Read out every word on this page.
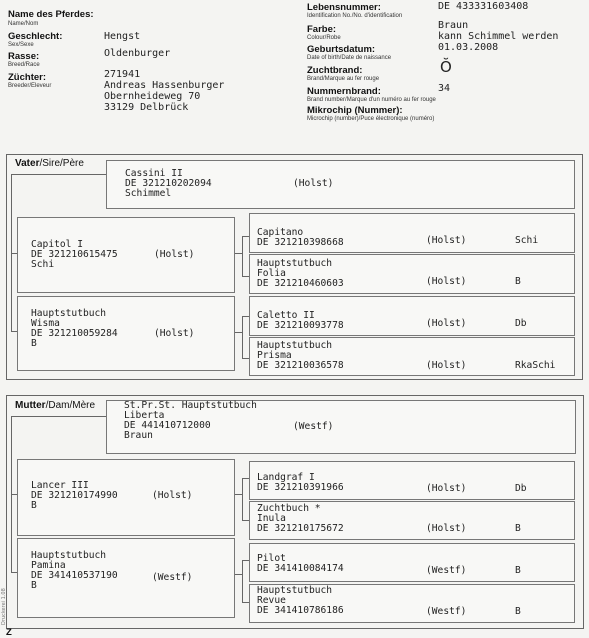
Name des Pferdes:
Name/Nom
Geschlecht:
Sex/Sexe
Hengst
Rasse:
Breed/Race
Oldenburger
Züchter:
Breeder/Eleveur
271941
Andreas Hassenburger
Obernheideweg 70
33129 Delbrück
Lebensnummer:
Identification No./No. d'identification
DE 433331603408
Farbe:
Colour/Robe
Braun
kann Schimmel werden
Geburtsdatum:
Date of birth/Date de naissance
01.03.2008
Zuchtbrand:
Brand/Marque au fer rouge
Ŏ
Nummernbrand:
Brand number/Marque d'un numéro au fer rouge
34
Mikrochip (Nummer):
Microchip (number)/Puce électronique (numéro)
Vater/Sire/Père
Cassini II
DE 321210202094
Schimmel
(Holst)
Capitol I
DE 321210615475
Schi
(Holst)
Hauptstutbuch
Wisma
DE 321210059284
B
(Holst)
Capitano
DE 321210398668	(Holst)	Schi
Hauptstutbuch
Folia
DE 321210460603	(Holst)	B
Caletto II
DE 321210093778	(Holst)	Db
Hauptstutbuch
Prisma
DE 321210036578	(Holst)	RkaSchi
Mutter/Dam/Mère	St.Pr.St. Hauptstutbuch
Liberta
DE 441410712000
Braun
(Westf)
Lancer III
DE 321210174990
B
(Holst)
Hauptstutbuch
Pamina
DE 341410537190
B
(Westf)
Landgraf I
DE 321210391966	(Holst)	Db
Zuchtbuch *
Inula
DE 321210175672	(Holst)	B
Pilot
DE 341410084174	(Westf)	B
Hauptstutbuch
Revue
DE 341410786186	(Westf)	B
Druckerei 1.08
Z
